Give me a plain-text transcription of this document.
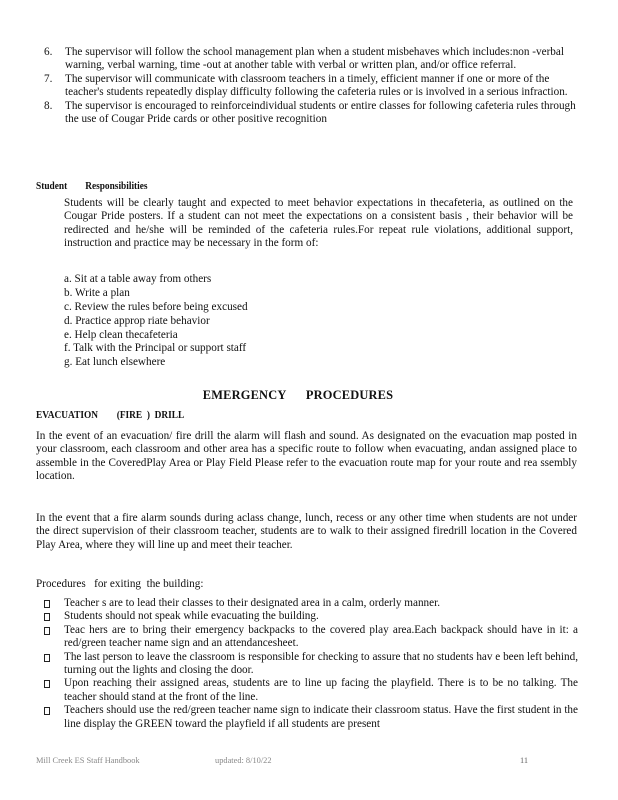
6. The supervisor will follow the school management plan when a student misbehaves which includes:non -verbal warning, verbal warning, time -out at another table with verbal or written plan, and/or office referral.
7. The supervisor will communicate with classroom teachers in a timely, efficient manner if one or more of the teacher's students repeatedly display difficulty following the cafeteria rules or is involved in a serious infraction.
8. The supervisor is encouraged to reinforceindividual students or entire classes for following cafeteria rules through the use of Cougar Pride cards or other positive recognition
Student Responsibilities

Students will be clearly taught and expected to meet behavior expectations in thecafeteria, as outlined on the Cougar Pride posters. If a student can not meet the expectations on a consistent basis , their behavior will be redirected and he/she will be reminded of the cafeteria rules.For repeat rule violations, additional support, instruction and practice may be necessary in the form of:

a. Sit at a table away from others
b. Write a plan
c. Review the rules before being excused
d. Practice approp riate behavior
e. Help clean thecafeteria
f. Talk with the Principal or support staff
g. Eat lunch elsewhere
EMERGENCY      PROCEDURES
EVACUATION        (FIRE  )  DRILL

In the event of an evacuation/ fire drill the alarm will flash and sound. As designated on the evacuation map posted in your classroom, each classroom and other area has a specific route to follow when evacuating, andan assigned place to assemble in the CoveredPlay Area or Play Field Please refer to the evacuation route map for your route and rea ssembly location.

In the event that a fire alarm sounds during aclass change, lunch, recess or any other time when students are not under the direct supervision of their classroom teacher, students are to walk to their assigned firedrill location in the Covered Play Area, where they will line up and meet their teacher.

Procedures   for exiting  the building:
Teacher s are to lead their classes to their designated area in a calm, orderly manner.
Students should not speak while evacuating the building.
Teac hers are to bring their emergency backpacks to the covered play area.Each backpack should have in it: a red/green teacher name sign and an attendancesheet.
The last person to leave the classroom is responsible for checking to assure that no students hav e been left behind, turning out the lights and closing the door.
Upon reaching their assigned areas, students are to line up facing the playfield. There is to be no talking. The teacher should stand at the front of the line.
Teachers should use the red/green teacher name sign to indicate their classroom status. Have the first student in the line display the GREEN toward the playfield if all students are present
Mill Creek ES Staff Handbook	updated: 8/10/22	11
